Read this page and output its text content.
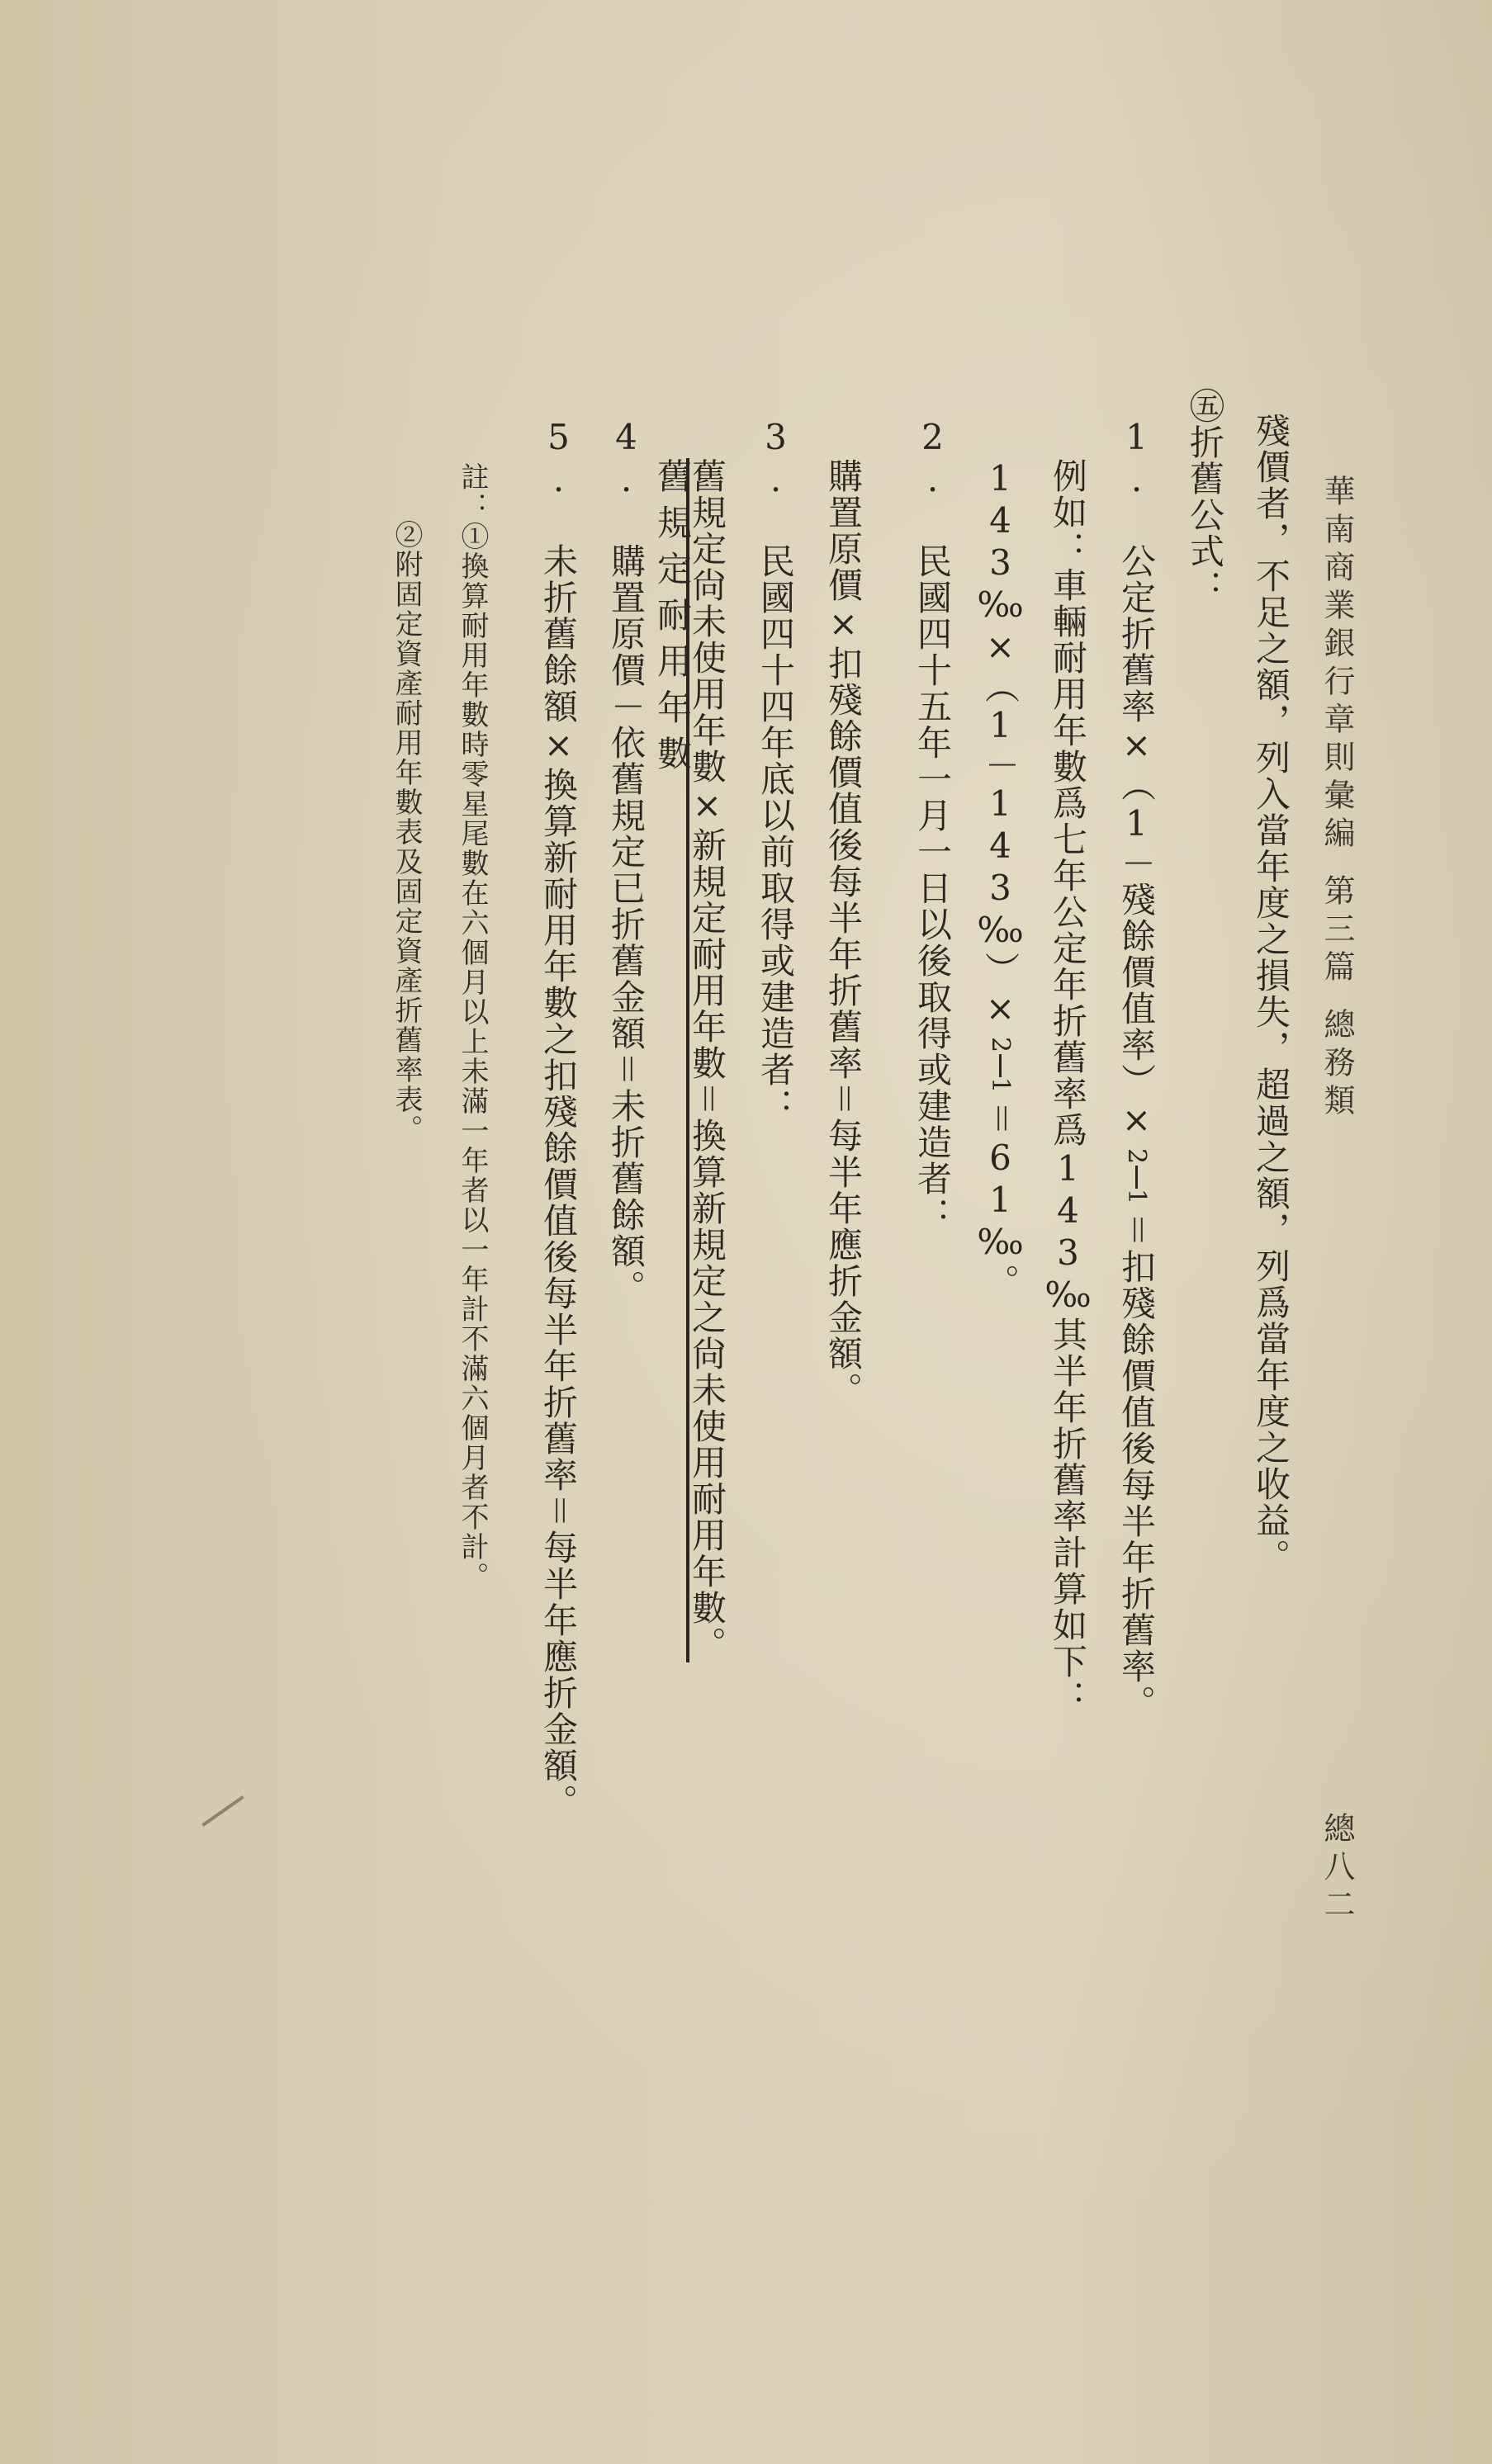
華南商業銀行章則彙編第三篇總務類
總八二
殘價者，不足之額，列入當年度之損失，超過之額，列爲當年度之收益。
㊄折舊公式：
1. 公定折舊率×（1－殘餘價值率）×
1
2
＝扣殘餘價值後每半年折舊率。
例如：車輛耐用年數爲七年公定年折舊率爲143‰其半年折舊率計算如下：
143‰×（1－143‰）×
1
2
＝61‰。
2. 民國四十五年一月一日以後取得或建造者：
購置原價×扣殘餘價值後每半年折舊率＝每半年應折金額。
3. 民國四十四年底以前取得或建造者：
舊規定尙未使用年數×新規定耐用年數＝換算新規定之尙未使用耐用年數。
舊規定耐用年數
4. 購置原價－依舊規定已折舊金額＝未折舊餘額。
5. 未折舊餘額×換算新耐用年數之扣殘餘價值後每半年折舊率＝每半年應折金額。
註：①換算耐用年數時零星尾數在六個月以上未滿一年者以一年計不滿六個月者不計。
②附固定資產耐用年數表及固定資產折舊率表。
